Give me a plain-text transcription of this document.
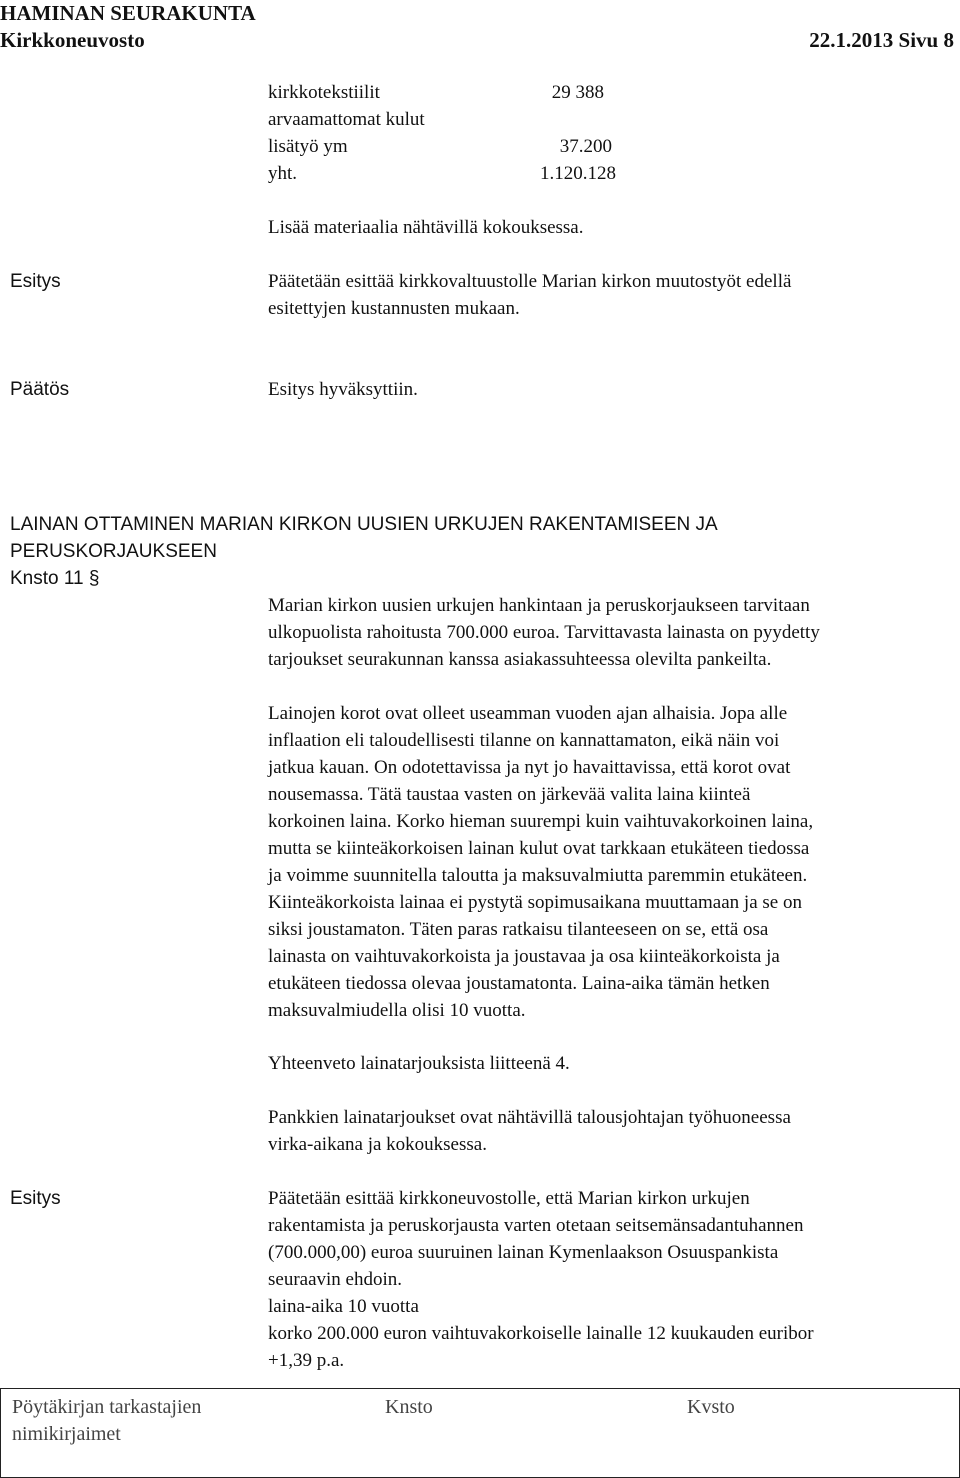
HAMINAN SEURAKUNTA
Kirkkoneuvosto	22.1.2013 Sivu 8
kirkkotekstiilit	29 388
arvaamattomat kulut
lisätyö ym	37.200
yht.	1.120.128
Lisää materiaalia nähtävillä kokouksessa.
Esitys	Päätetään esittää kirkkovaltuustolle Marian kirkon muutostyöt edellä

esitettyjen kustannusten mukaan.

Päätös	Esitys hyväksyttiin.
LAINAN OTTAMINEN MARIAN KIRKON UUSIEN URKUJEN RAKENTAMISEEN JA
PERUSKORJAUKSEEN
Knsto 11 §

Marian kirkon uusien urkujen hankintaan ja peruskorjaukseen tarvitaan

ulkopuolista rahoitusta 700.000 euroa. Tarvittavasta lainasta on pyydetty

tarjoukset seurakunnan kanssa asiakassuhteessa olevilta pankeilta.

Lainojen korot ovat olleet useamman vuoden ajan alhaisia. Jopa alle

inflaation eli taloudellisesti tilanne on kannattamaton, eikä näin voi

jatkua kauan. On odotettavissa ja nyt jo havaittavissa, että korot ovat

nousemassa. Tätä taustaa vasten on järkevää valita laina kiinteä

korkoinen laina. Korko hieman suurempi kuin vaihtuvakorkoinen laina,

mutta se kiinteäkorkoisen lainan kulut ovat tarkkaan etukäteen tiedossa

ja voimme suunnitella taloutta ja maksuvalmiutta paremmin etukäteen.

Kiinteäkorkoista lainaa ei pystytä sopimusaikana muuttamaan ja se on

siksi joustamaton. Täten paras ratkaisu tilanteeseen on se, että osa

lainasta on vaihtuvakorkoista ja joustavaa ja osa kiinteäkorkoista ja

etukäteen tiedossa olevaa joustamatonta. Laina-aika tämän hetken

maksuvalmiudella olisi 10 vuotta.

Yhteenveto lainatarjouksista liitteenä 4.

Pankkien lainatarjoukset ovat nähtävillä talousjohtajan työhuoneessa

virka-aikana ja kokouksessa.

Esitys	Päätetään esittää kirkkoneuvostolle, että Marian kirkon urkujen

rakentamista ja peruskorjausta varten otetaan seitsemänsadantuhannen

(700.000,00) euroa suuruinen lainan Kymenlaakson Osuuspankista

seuraavin ehdoin.

laina-aika 10 vuotta

korko 200.000 euron vaihtuvakorkoiselle lainalle 12 kuukauden euribor

+1,39 p.a.

Pöytäkirjan tarkastajien
nimikirjaimet
Knsto	Kvsto
